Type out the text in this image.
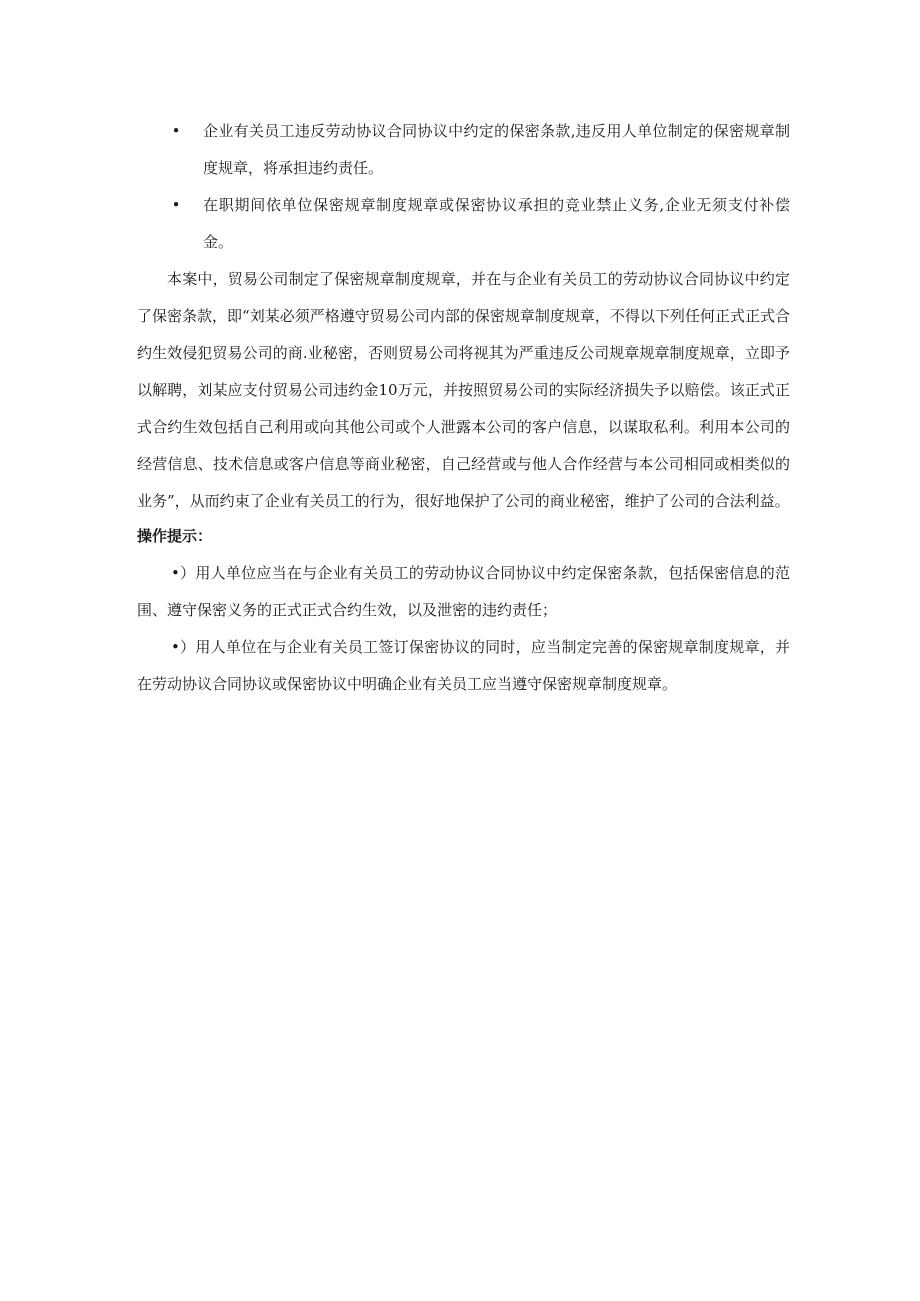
• 企业有关员工违反劳动协议合同协议中约定的保密条款,违反用人单位制定的保密规章制度规章，将承担违约责任。
• 在职期间依单位保密规章制度规章或保密协议承担的竞业禁止义务,企业无须支付补偿金。

本案中，贸易公司制定了保密规章制度规章，并在与企业有关员工的劳动协议合同协议中约定了保密条款，即“刘某必须严格遵守贸易公司内部的保密规章制度规章，不得以下列任何正式正式合约生效侵犯贸易公司的商.业秘密，否则贸易公司将视其为严重违反公司规章规章制度规章，立即予以解聘，刘某应支付贸易公司违约金10万元，并按照贸易公司的实际经济损失予以赔偿。该正式正式合约生效包括自己利用或向其他公司或个人泄露本公司的客户信息，以谋取私利。利用本公司的经营信息、技术信息或客户信息等商业秘密，自己经营或与他人合作经营与本公司相同或相类似的业务”，从而约束了企业有关员工的行为，很好地保护了公司的商业秘密，维护了公司的合法利益。

操作提示：

•）用人单位应当在与企业有关员工的劳动协议合同协议中约定保密条款，包括保密信息的范围、遵守保密义务的正式正式合约生效，以及泄密的违约责任；

•）用人单位在与企业有关员工签订保密协议的同时，应当制定完善的保密规章制度规章，并在劳动协议合同协议或保密协议中明确企业有关员工应当遵守保密规章制度规章。
